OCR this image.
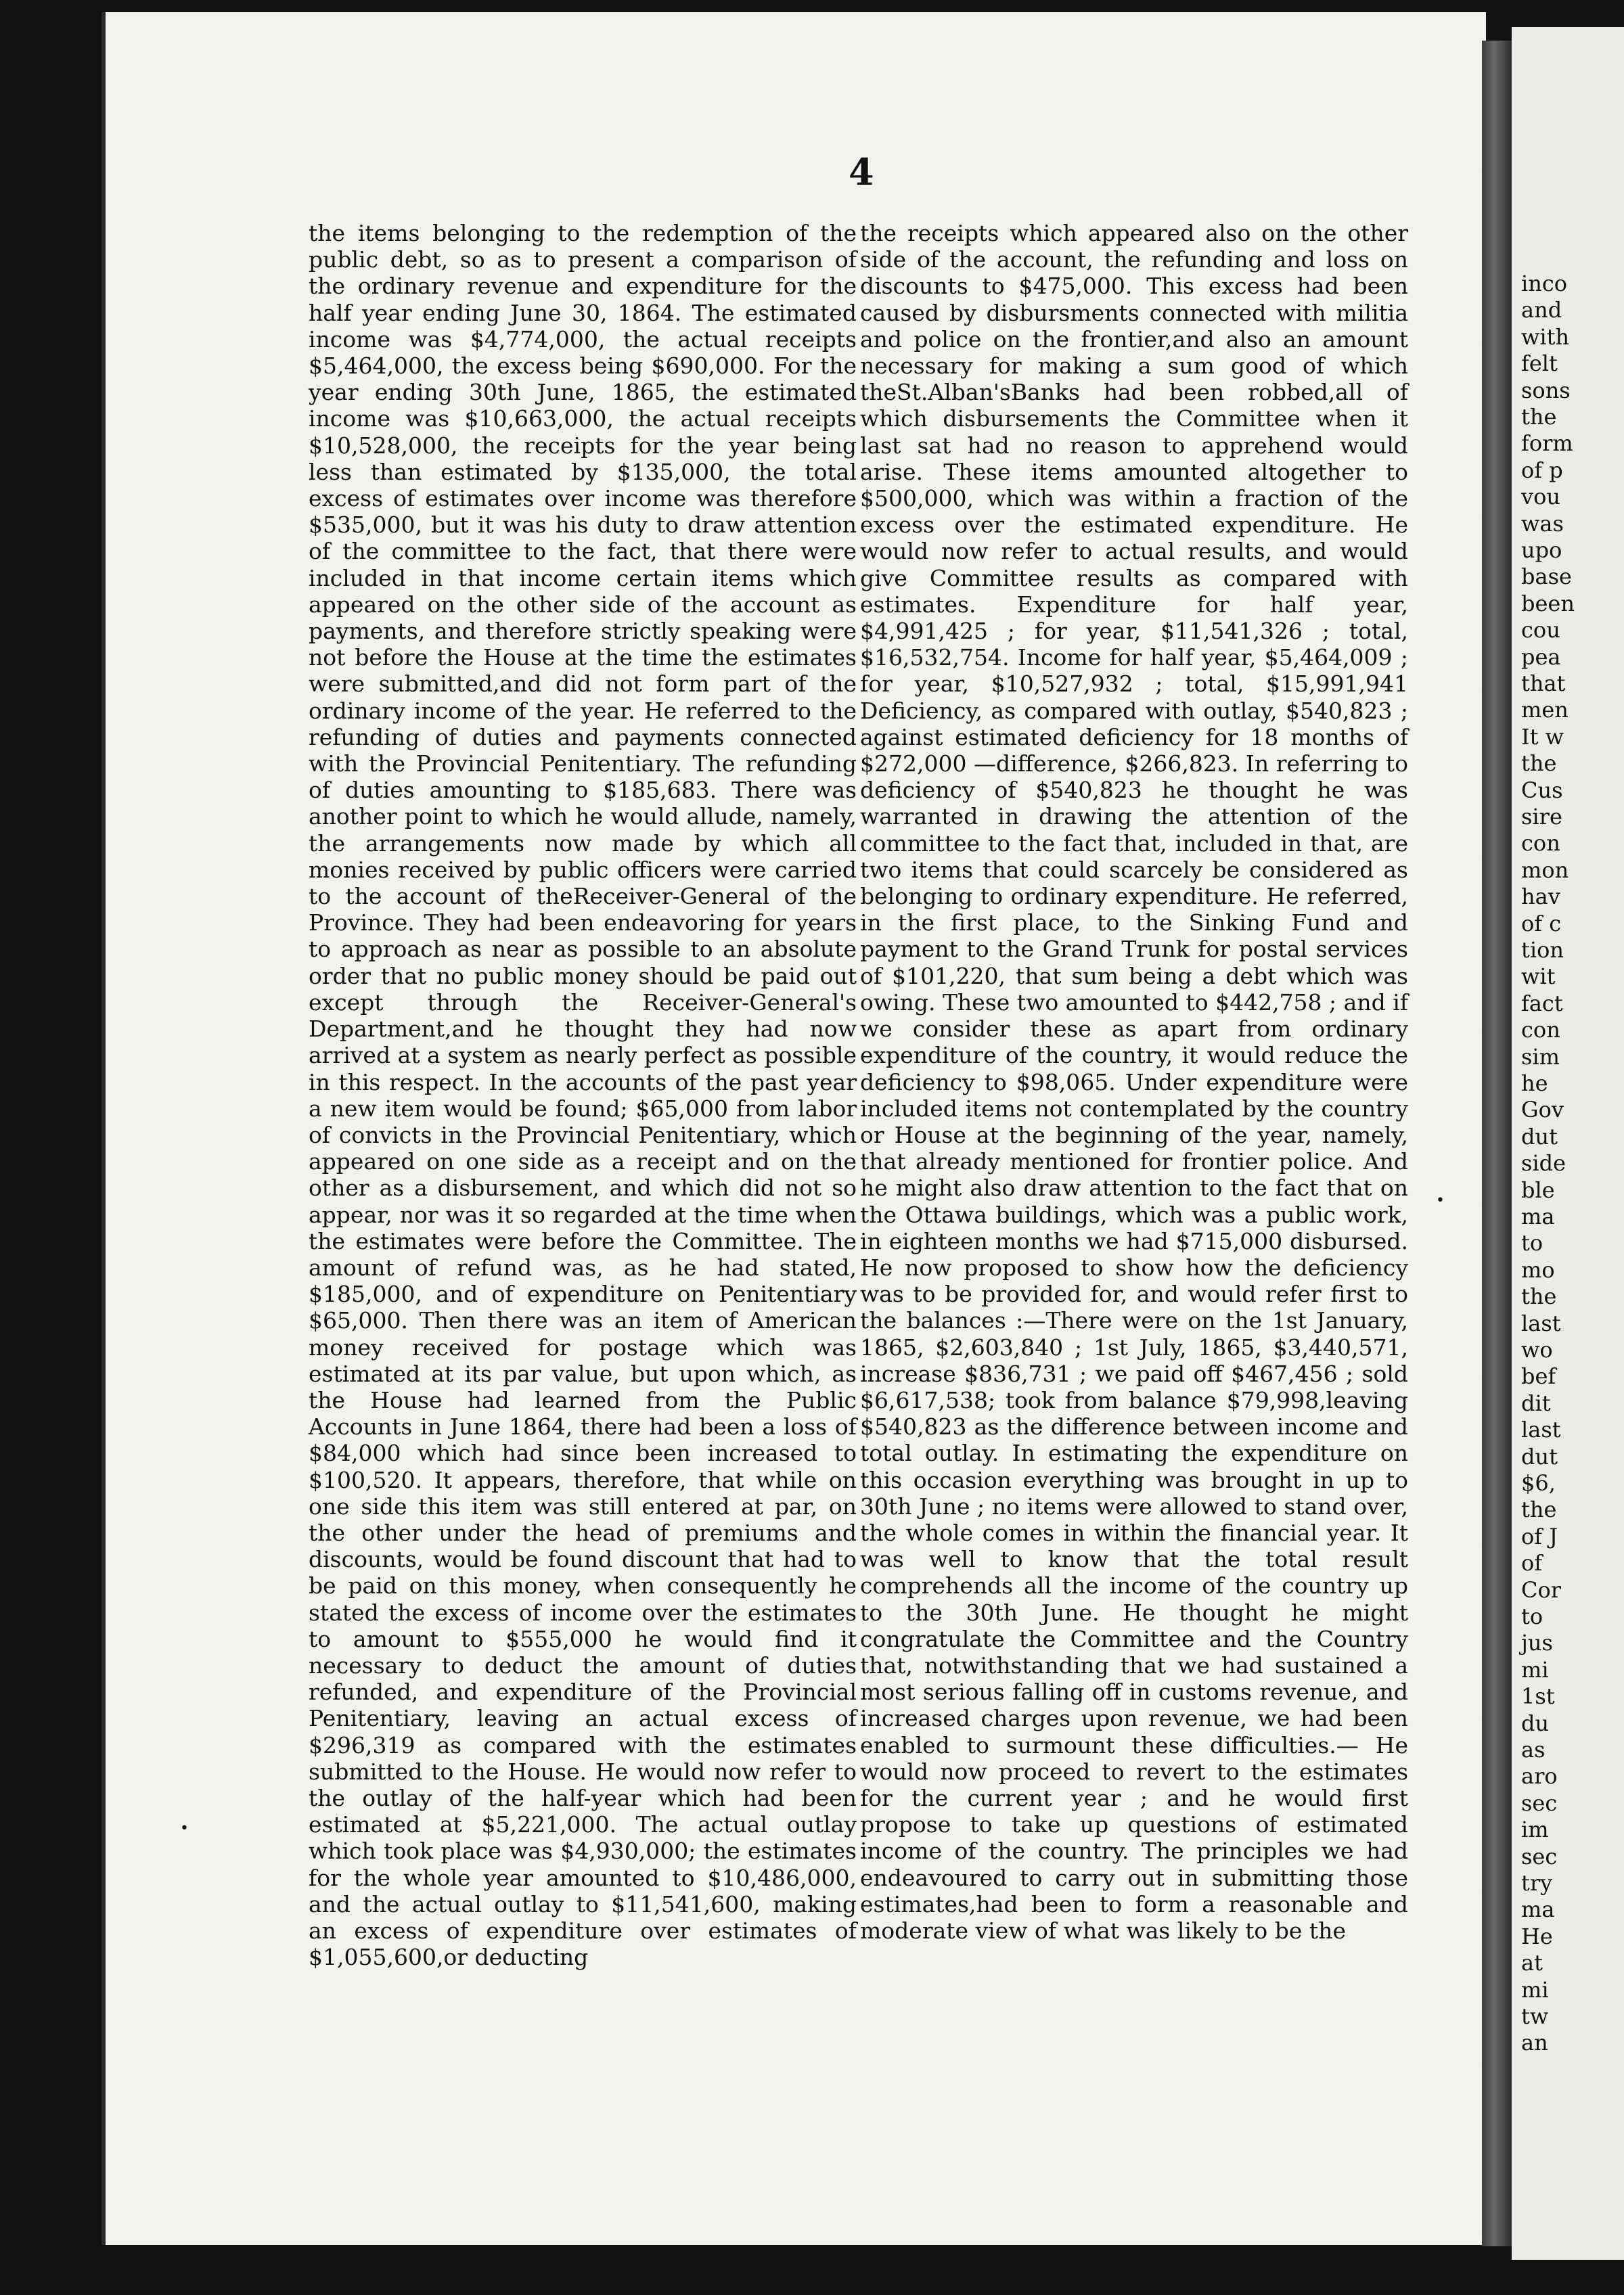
4

the items belonging to the redemption of the public debt, so as to present a comparison of the ordinary revenue and expenditure for the half year ending June 30, 1864. The estimated income was $4,774,000, the actual receipts $5,464,000, the excess being $690,000. For the year ending 30th June, 1865, the estimated income was $10,663,000, the actual receipts $10,528,000, the receipts for the year being less than estimated by $135,000, the total excess of estimates over income was therefore $535,000, but it was his duty to draw attention of the committee to the fact, that there were included in that income certain items which appeared on the other side of the account as payments, and therefore strictly speaking were not before the House at the time the estimates were submitted,and did not form part of the ordinary income of the year. He referred to the refunding of duties and payments connected with the Provincial Penitentiary. The refunding of duties amounting to $185,683. There was another point to which he would allude, namely, the arrangements now made by which all monies received by public officers were carried to the account of theReceiver-General of the Province. They had been endeavoring for years to approach as near as possible to an absolute order that no public money should be paid out except through the Receiver-General's Department,and he thought they had now arrived at a system as nearly perfect as possible in this respect. In the accounts of the past year a new item would be found; $65,000 from labor of convicts in the Provincial Penitentiary, which appeared on one side as a receipt and on the other as a disbursement, and which did not so appear, nor was it so regarded at the time when the estimates were before the Committee. The amount of refund was, as he had stated, $185,000, and of expenditure on Penitentiary $65,000. Then there was an item of American money received for postage which was estimated at its par value, but upon which, as the House had learned from the Public Accounts in June 1864, there had been a loss of $84,000 which had since been increased to $100,520. It appears, therefore, that while on one side this item was still entered at par, on the other under the head of premiums and discounts, would be found discount that had to be paid on this money, when consequently he stated the excess of income over the estimates to amount to $555,000 he would find it necessary to deduct the amount of duties refunded, and expenditure of the Provincial Penitentiary, leaving an actual excess of $296,319 as compared with the estimates submitted to the House. He would now refer to the outlay of the half-year which had been estimated at $5,221,000. The actual outlay which took place was $4,930,000; the estimates for the whole year amounted to $10,486,000, and the actual outlay to $11,541,600, making an excess of expenditure over estimates of $1,055,600,or deducting

the receipts which appeared also on the other side of the account, the refunding and loss on discounts to $475,000. This excess had been caused by disbursments connected with militia and police on the frontier,and also an amount necessary for making a sum good of which theSt.Alban'sBanks had been robbed,all of which disbursements the Committee when it last sat had no reason to apprehend would arise. These items amounted altogether to $500,000, which was within a fraction of the excess over the estimated expenditure. He would now refer to actual results, and would give Committee results as compared with estimates. Expenditure for half year, $4,991,425 ; for year, $11,541,326 ; total, $16,532,754. Income for half year, $5,464,009 ; for year, $10,527,932 ; total, $15,991,941 Deficiency, as compared with outlay, $540,823 ; against estimated deficiency for 18 months of $272,000 —difference, $266,823. In referring to deficiency of $540,823 he thought he was warranted in drawing the attention of the committee to the fact that, included in that, are two items that could scarcely be considered as belonging to ordinary expenditure. He referred, in the first place, to the Sinking Fund and payment to the Grand Trunk for postal services of $101,220, that sum being a debt which was owing. These two amounted to $442,758 ; and if we consider these as apart from ordinary expenditure of the country, it would reduce the deficiency to $98,065. Under expenditure were included items not contemplated by the country or House at the beginning of the year, namely, that already mentioned for frontier police. And he might also draw attention to the fact that on the Ottawa buildings, which was a public work, in eighteen months we had $715,000 disbursed. He now proposed to show how the deficiency was to be provided for, and would refer first to the balances :—There were on the 1st January, 1865, $2,603,840 ; 1st July, 1865, $3,440,571, increase $836,731 ; we paid off $467,456 ; sold $6,617,538; took from balance $79,998,leaving $540,823 as the difference between income and total outlay. In estimating the expenditure on this occasion everything was brought in up to 30th June ; no items were allowed to stand over, the whole comes in within the financial year. It was well to know that the total result comprehends all the income of the country up to the 30th June. He thought he might congratulate the Committee and the Country that, notwithstanding that we had sustained a most serious falling off in customs revenue, and increased charges upon revenue, we had been enabled to surmount these difficulties.— He would now proceed to revert to the estimates for the current year ; and he would first propose to take up questions of estimated income of the country. The principles we had endeavoured to carry out in submitting those estimates,had been to form a reasonable and moderate view of what was likely to be the

•
•
inco
and
with
felt
sons
the
form
of p
vou
was
upo
base
been
cou
pea
that
men
It w
the
Cus
sire
con
mon
hav
of c
tion
wit
fact
con
sim
he
Gov
dut
side
ble
ma
to
mo
the
last
wo
bef
dit
last
dut
$6,
the
of J
of
Cor
to
jus
mi
1st
du
as
aro
sec
im
sec
try
ma
He
at
mi
tw
an
